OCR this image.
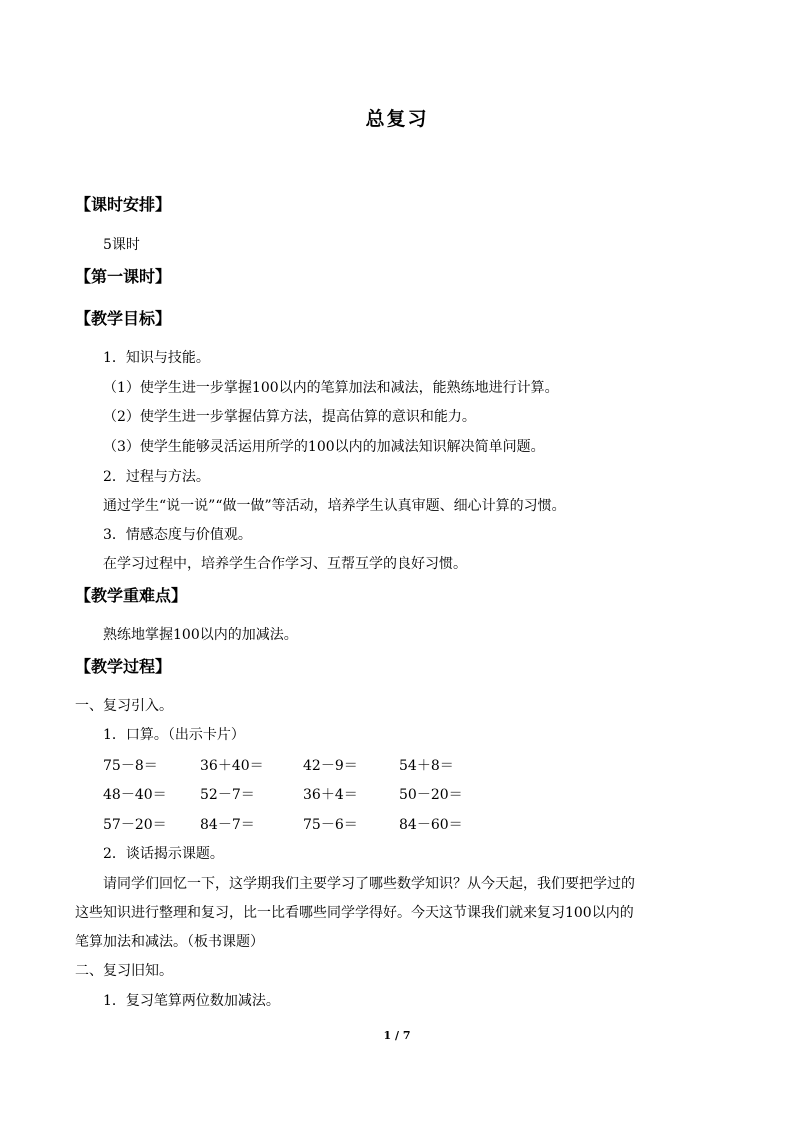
总复习
【课时安排】
5课时
【第一课时】
【教学目标】
1．知识与技能。
（1）使学生进一步掌握100以内的笔算加法和减法，能熟练地进行计算。
（2）使学生进一步掌握估算方法，提高估算的意识和能力。
（3）使学生能够灵活运用所学的100以内的加减法知识解决简单问题。
2．过程与方法。
通过学生“说一说”“做一做”等活动，培养学生认真审题、细心计算的习惯。
3．情感态度与价值观。
在学习过程中，培养学生合作学习、互帮互学的良好习惯。
【教学重难点】
熟练地掌握100以内的加减法。
【教学过程】
一、复习引入。
1．口算。（出示卡片）
75－8＝	36＋40＝	42－9＝	54＋8＝
48－40＝ 52－7＝	36＋4＝	50－20＝
57－20＝ 84－7＝	75－6＝	84－60＝
2．谈话揭示课题。
请同学们回忆一下，这学期我们主要学习了哪些数学知识？从今天起，我们要把学过的
这些知识进行整理和复习，比一比看哪些同学学得好。今天这节课我们就来复习100以内的
笔算加法和减法。（板书课题）
二、复习旧知。
1．复习笔算两位数加减法。
1 / 7
